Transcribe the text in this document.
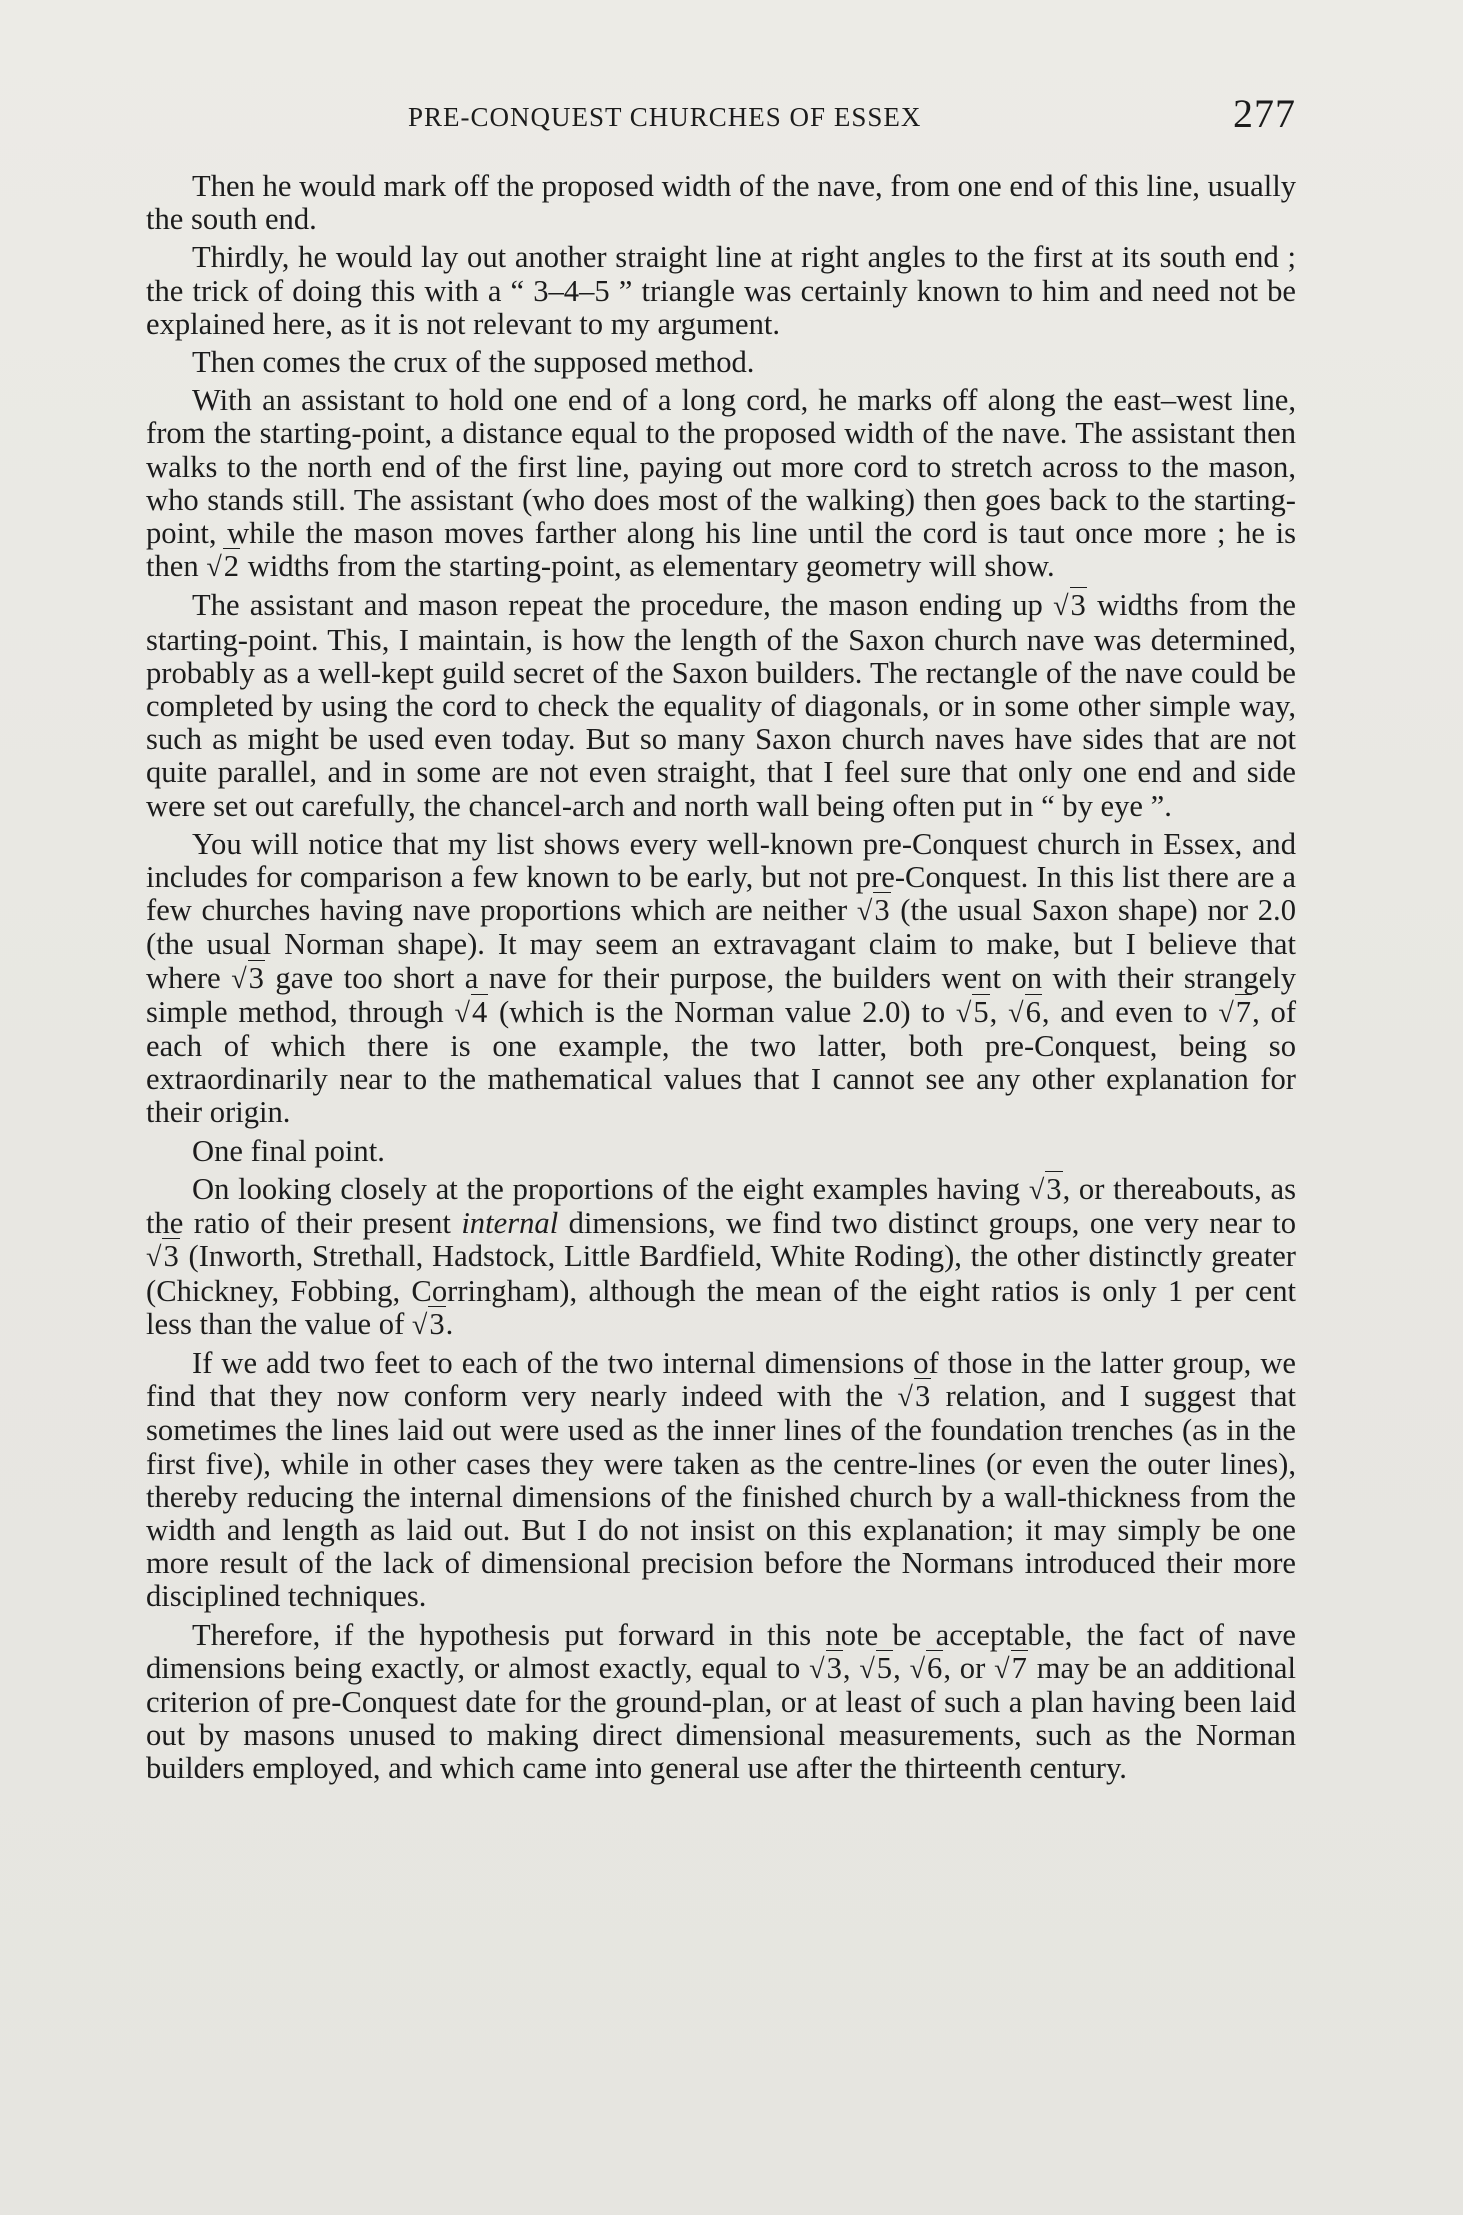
PRE-CONQUEST CHURCHES OF ESSEX	277

Then he would mark off the proposed width of the nave, from one end of this line, usually the south end.

Thirdly, he would lay out another straight line at right angles to the first at its south end ; the trick of doing this with a “ 3–4–5 ” triangle was certainly known to him and need not be explained here, as it is not relevant to my argument.

Then comes the crux of the supposed method.

With an assistant to hold one end of a long cord, he marks off along the east–west line, from the starting-point, a distance equal to the proposed width of the nave. The assistant then walks to the north end of the first line, paying out more cord to stretch across to the mason, who stands still. The assistant (who does most of the walking) then goes back to the starting-point, while the mason moves farther along his line until the cord is taut once more ; he is then √2 widths from the starting-point, as elementary geometry will show.

The assistant and mason repeat the procedure, the mason ending up √3 widths from the starting-point. This, I maintain, is how the length of the Saxon church nave was determined, probably as a well-kept guild secret of the Saxon builders. The rectangle of the nave could be completed by using the cord to check the equality of diagonals, or in some other simple way, such as might be used even today. But so many Saxon church naves have sides that are not quite parallel, and in some are not even straight, that I feel sure that only one end and side were set out carefully, the chancel-arch and north wall being often put in “ by eye ”.

You will notice that my list shows every well-known pre-Conquest church in Essex, and includes for comparison a few known to be early, but not pre-Conquest. In this list there are a few churches having nave proportions which are neither √3 (the usual Saxon shape) nor 2.0 (the usual Norman shape). It may seem an extravagant claim to make, but I believe that where √3 gave too short a nave for their purpose, the builders went on with their strangely simple method, through √4 (which is the Norman value 2.0) to √5, √6, and even to √7, of each of which there is one example, the two latter, both pre-Conquest, being so extraordinarily near to the mathematical values that I cannot see any other explanation for their origin.

One final point.

On looking closely at the proportions of the eight examples having √3, or thereabouts, as the ratio of their present internal dimensions, we find two distinct groups, one very near to √3 (Inworth, Strethall, Hadstock, Little Bardfield, White Roding), the other distinctly greater (Chickney, Fobbing, Corringham), although the mean of the eight ratios is only 1 per cent less than the value of √3.

If we add two feet to each of the two internal dimensions of those in the latter group, we find that they now conform very nearly indeed with the √3 relation, and I suggest that sometimes the lines laid out were used as the inner lines of the foundation trenches (as in the first five), while in other cases they were taken as the centre-lines (or even the outer lines), thereby reducing the internal dimensions of the finished church by a wall-thickness from the width and length as laid out. But I do not insist on this explanation; it may simply be one more result of the lack of dimensional precision before the Normans introduced their more disciplined techniques.

Therefore, if the hypothesis put forward in this note be acceptable, the fact of nave dimensions being exactly, or almost exactly, equal to √3, √5, √6, or √7 may be an additional criterion of pre-Conquest date for the ground-plan, or at least of such a plan having been laid out by masons unused to making direct dimensional measurements, such as the Norman builders employed, and which came into general use after the thirteenth century.
